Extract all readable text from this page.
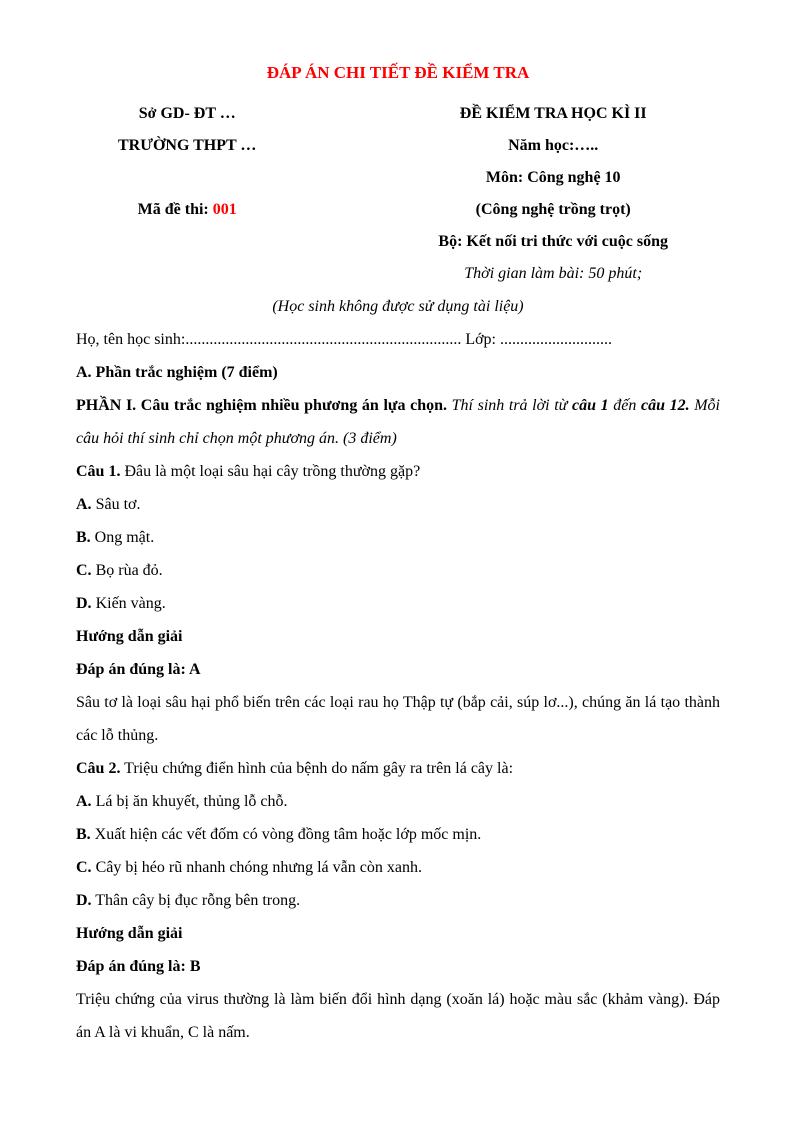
ĐÁP ÁN CHI TIẾT ĐỀ KIỂM TRA
Sở GD- ĐT …
TRƯỜNG THPT …

Mã đề thi: 001
ĐỀ KIỂM TRA HỌC KÌ II
Năm học:…..
Môn: Công nghệ 10
(Công nghệ trồng trọt)
Bộ: Kết nối tri thức với cuộc sống
Thời gian làm bài: 50 phút;
(Học sinh không được sử dụng tài liệu)

Họ, tên học sinh:..................................................................... Lớp: ............................

A. Phần trắc nghiệm (7 điểm)

PHẦN I. Câu trắc nghiệm nhiều phương án lựa chọn. Thí sinh trả lời từ câu 1 đến câu 12. Mỗi câu hỏi thí sinh chỉ chọn một phương án. (3 điểm)

Câu 1. Đâu là một loại sâu hại cây trồng thường gặp?

A. Sâu tơ.

B. Ong mật.

C. Bọ rùa đỏ.

D. Kiến vàng.

Hướng dẫn giải

Đáp án đúng là: A

Sâu tơ là loại sâu hại phổ biến trên các loại rau họ Thập tự (bắp cải, súp lơ...), chúng ăn lá tạo thành các lỗ thủng.

Câu 2. Triệu chứng điển hình của bệnh do nấm gây ra trên lá cây là:

A. Lá bị ăn khuyết, thủng lỗ chỗ.

B. Xuất hiện các vết đốm có vòng đồng tâm hoặc lớp mốc mịn.

C. Cây bị héo rũ nhanh chóng nhưng lá vẫn còn xanh.

D. Thân cây bị đục rỗng bên trong.

Hướng dẫn giải

Đáp án đúng là: B

Triệu chứng của virus thường là làm biến đổi hình dạng (xoăn lá) hoặc màu sắc (khảm vàng). Đáp án A là vi khuẩn, C là nấm.
